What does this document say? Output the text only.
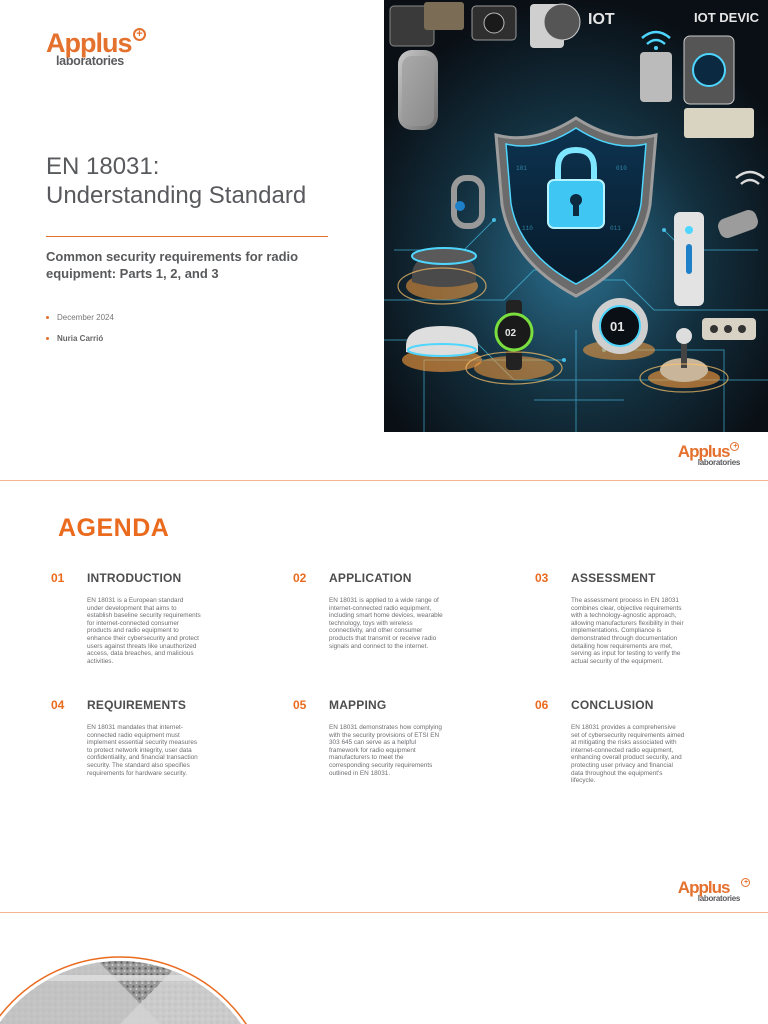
Applus +
laboratories
EN 18031:
Understanding Standard
Common security requirements for radio equipment: Parts 1, 2, and 3
December 2024
Nuria Carrió
IOT	IOT DEVIC
101	010
110	011
02	01
Applus +
laboratories
AGENDA
01 INTRODUCTION

EN 18031 is a European standard under development that aims to establish baseline security requirements for internet-connected consumer products and radio equipment to enhance their cybersecurity and protect users against threats like unauthorized access, data breaches, and malicious activities.

02 APPLICATION

EN 18031 is applied to a wide range of internet-connected radio equipment, including smart home devices, wearable technology, toys with wireless connectivity, and other consumer products that transmit or receive radio signals and connect to the internet.

03 ASSESSMENT

The assessment process in EN 18031 combines clear, objective requirements with a technology-agnostic approach, allowing manufacturers flexibility in their implementations. Compliance is demonstrated through documentation detailing how requirements are met, serving as input for testing to verify the actual security of the equipment.

04 REQUIREMENTS

EN 18031 mandates that internet-connected radio equipment must implement essential security measures to protect network integrity, user data confidentiality, and financial transaction security. The standard also specifies requirements for hardware security.

05 MAPPING

EN 18031 demonstrates how complying with the security provisions of ETSI EN 303 645 can serve as a helpful framework for radio equipment manufacturers to meet the corresponding security requirements outlined in EN 18031.

06 CONCLUSION

EN 18031 provides a comprehensive set of cybersecurity requirements aimed at mitigating the risks associated with internet-connected radio equipment, enhancing overall product security, and protecting user privacy and financial data throughout the equipment's lifecycle.

Applus	+
laboratories
